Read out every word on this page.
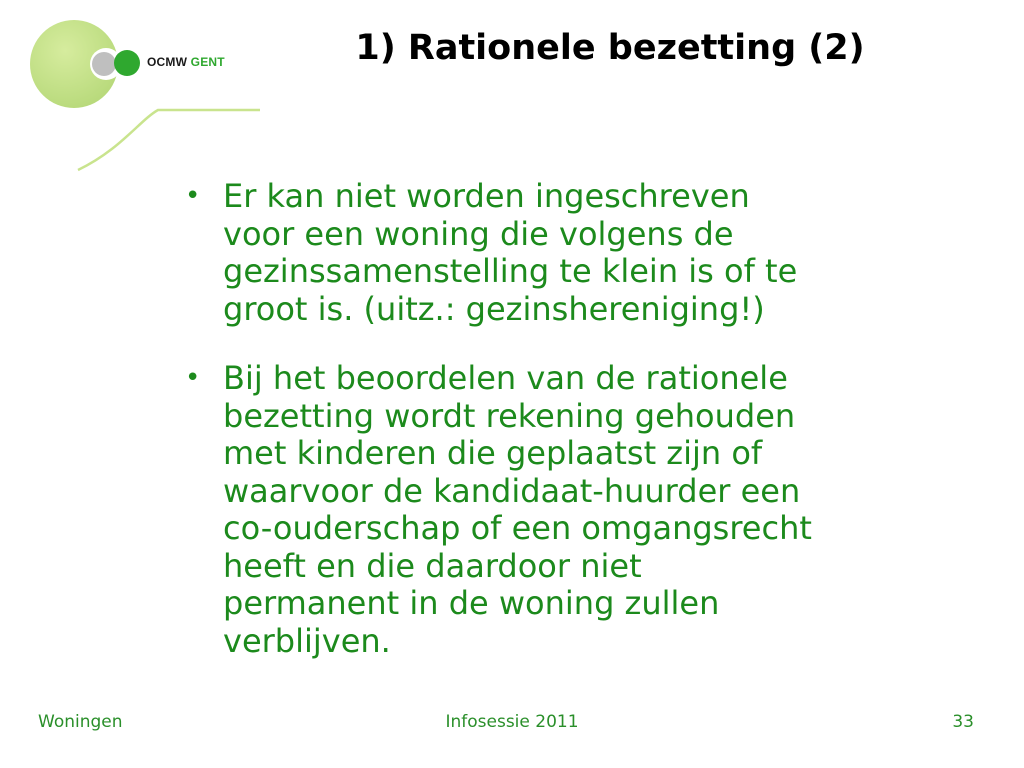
OCMW GENT	1) Rationele bezetting (2)
• Er kan niet worden ingeschreven
voor een woning die volgens de
gezinssamenstelling te klein is of te
groot is. (uitz.: gezinshereniging!)
• Bij het beoordelen van de rationele
bezetting wordt rekening gehouden
met kinderen die geplaatst zijn of
waarvoor de kandidaat-huurder een
co-ouderschap of een omgangsrecht
heeft en die daardoor niet
permanent in de woning zullen
verblijven.
Woningen	Infosessie 2011	33
